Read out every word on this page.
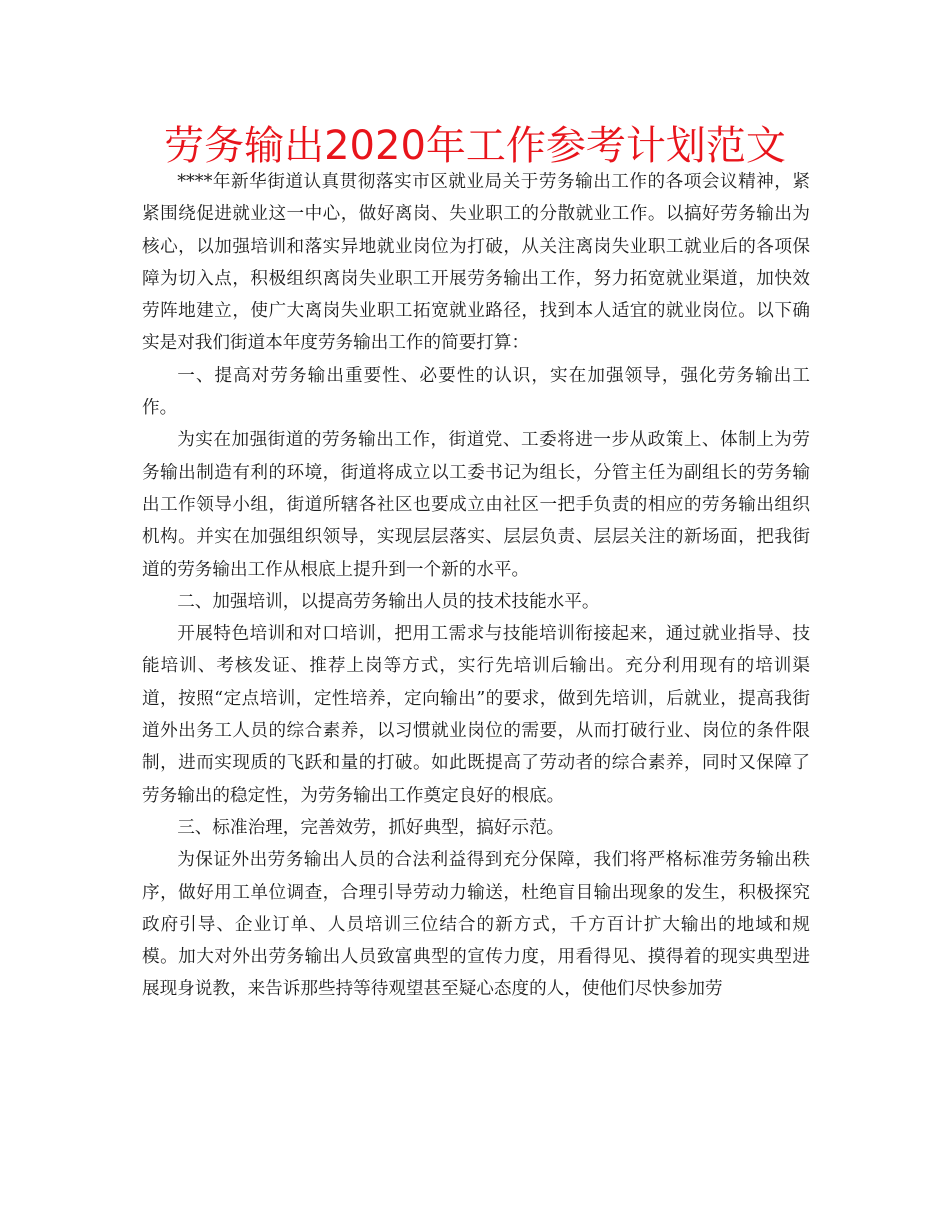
劳务输出2020年工作参考计划范文

****年新华街道认真贯彻落实市区就业局关于劳务输出工作的各项会议精神，紧紧围绕促进就业这一中心，做好离岗、失业职工的分散就业工作。以搞好劳务输出为核心，以加强培训和落实异地就业岗位为打破，从关注离岗失业职工就业后的各项保障为切入点，积极组织离岗失业职工开展劳务输出工作，努力拓宽就业渠道，加快效劳阵地建立，使广大离岗失业职工拓宽就业路径，找到本人适宜的就业岗位。以下确实是对我们街道本年度劳务输出工作的简要打算：

一、提高对劳务输出重要性、必要性的认识，实在加强领导，强化劳务输出工作。

为实在加强街道的劳务输出工作，街道党、工委将进一步从政策上、体制上为劳务输出制造有利的环境，街道将成立以工委书记为组长，分管主任为副组长的劳务输出工作领导小组，街道所辖各社区也要成立由社区一把手负责的相应的劳务输出组织机构。并实在加强组织领导，实现层层落实、层层负责、层层关注的新场面，把我街道的劳务输出工作从根底上提升到一个新的水平。

二、加强培训，以提高劳务输出人员的技术技能水平。

开展特色培训和对口培训，把用工需求与技能培训衔接起来，通过就业指导、技能培训、考核发证、推荐上岗等方式，实行先培训后输出。充分利用现有的培训渠道，按照“定点培训，定性培养，定向输出”的要求，做到先培训，后就业，提高我街道外出务工人员的综合素养，以习惯就业岗位的需要，从而打破行业、岗位的条件限制，进而实现质的飞跃和量的打破。如此既提高了劳动者的综合素养，同时又保障了劳务输出的稳定性，为劳务输出工作奠定良好的根底。

三、标准治理，完善效劳，抓好典型，搞好示范。

为保证外出劳务输出人员的合法利益得到充分保障，我们将严格标准劳务输出秩序，做好用工单位调查，合理引导劳动力输送，杜绝盲目输出现象的发生，积极探究政府引导、企业订单、人员培训三位结合的新方式，千方百计扩大输出的地域和规模。加大对外出劳务输出人员致富典型的宣传力度，用看得见、摸得着的现实典型进展现身说教，来告诉那些持等待观望甚至疑心态度的人，使他们尽快参加劳
